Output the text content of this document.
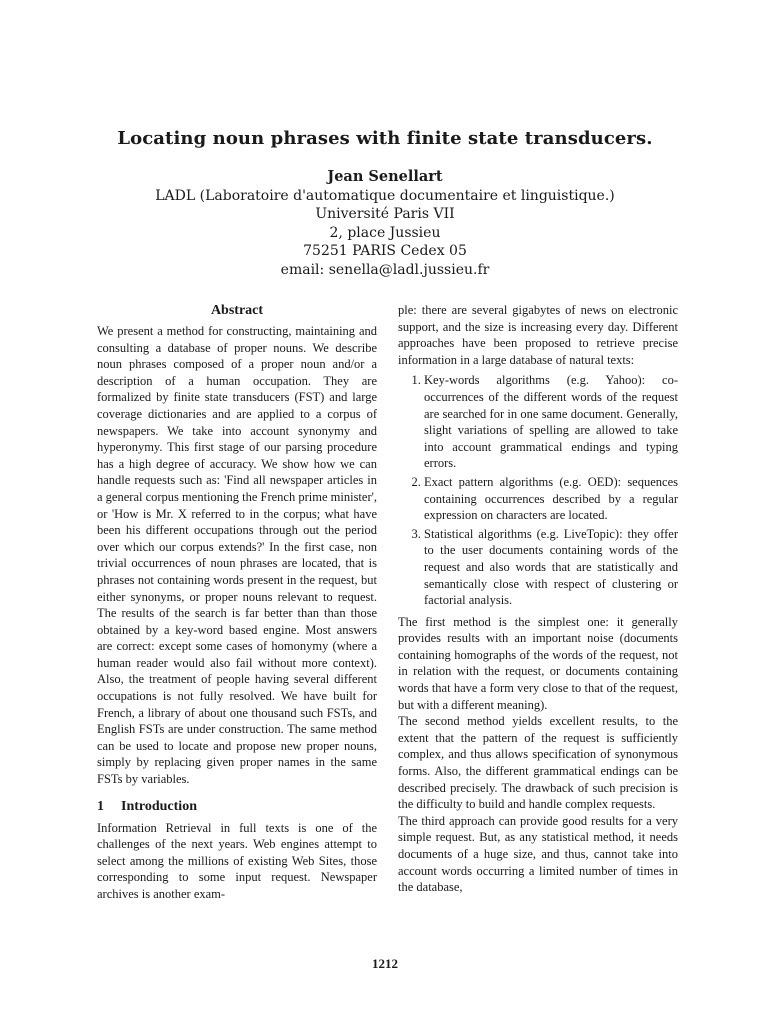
Locating noun phrases with finite state transducers.
Jean Senellart
LADL (Laboratoire d'automatique documentaire et linguistique.)
Université Paris VII
2, place Jussieu
75251 PARIS Cedex 05
email: senella@ladl.jussieu.fr
Abstract

We present a method for constructing, maintaining and consulting a database of proper nouns. We describe noun phrases composed of a proper noun and/or a description of a human occupation. They are formalized by finite state transducers (FST) and large coverage dictionaries and are applied to a corpus of newspapers. We take into account synonymy and hyperonymy. This first stage of our parsing procedure has a high degree of accuracy. We show how we can handle requests such as: 'Find all newspaper articles in a general corpus mentioning the French prime minister', or 'How is Mr. X referred to in the corpus; what have been his different occupations through out the period over which our corpus extends?' In the first case, non trivial occurrences of noun phrases are located, that is phrases not containing words present in the request, but either synonyms, or proper nouns relevant to request. The results of the search is far better than than those obtained by a key-word based engine. Most answers are correct: except some cases of homonymy (where a human reader would also fail without more context). Also, the treatment of people having several different occupations is not fully resolved. We have built for French, a library of about one thousand such FSTs, and English FSTs are under construction. The same method can be used to locate and propose new proper nouns, simply by replacing given proper names in the same FSTs by variables.

1 Introduction

Information Retrieval in full texts is one of the challenges of the next years. Web engines attempt to select among the millions of existing Web Sites, those corresponding to some input request. Newspaper archives is another exam-

ple: there are several gigabytes of news on electronic support, and the size is increasing every day. Different approaches have been proposed to retrieve precise information in a large database of natural texts:

1. Key-words algorithms (e.g. Yahoo): co-occurrences of the different words of the request are searched for in one same document. Generally, slight variations of spelling are allowed to take into account grammatical endings and typing errors.
2. Exact pattern algorithms (e.g. OED): sequences containing occurrences described by a regular expression on characters are located.
3. Statistical algorithms (e.g. LiveTopic): they offer to the user documents containing words of the request and also words that are statistically and semantically close with respect of clustering or factorial analysis.

The first method is the simplest one: it generally provides results with an important noise (documents containing homographs of the words of the request, not in relation with the request, or documents containing words that have a form very close to that of the request, but with a different meaning).

The second method yields excellent results, to the extent that the pattern of the request is sufficiently complex, and thus allows specification of synonymous forms. Also, the different grammatical endings can be described precisely. The drawback of such precision is the difficulty to build and handle complex requests.

The third approach can provide good results for a very simple request. But, as any statistical method, it needs documents of a huge size, and thus, cannot take into account words occurring a limited number of times in the database,

1212
